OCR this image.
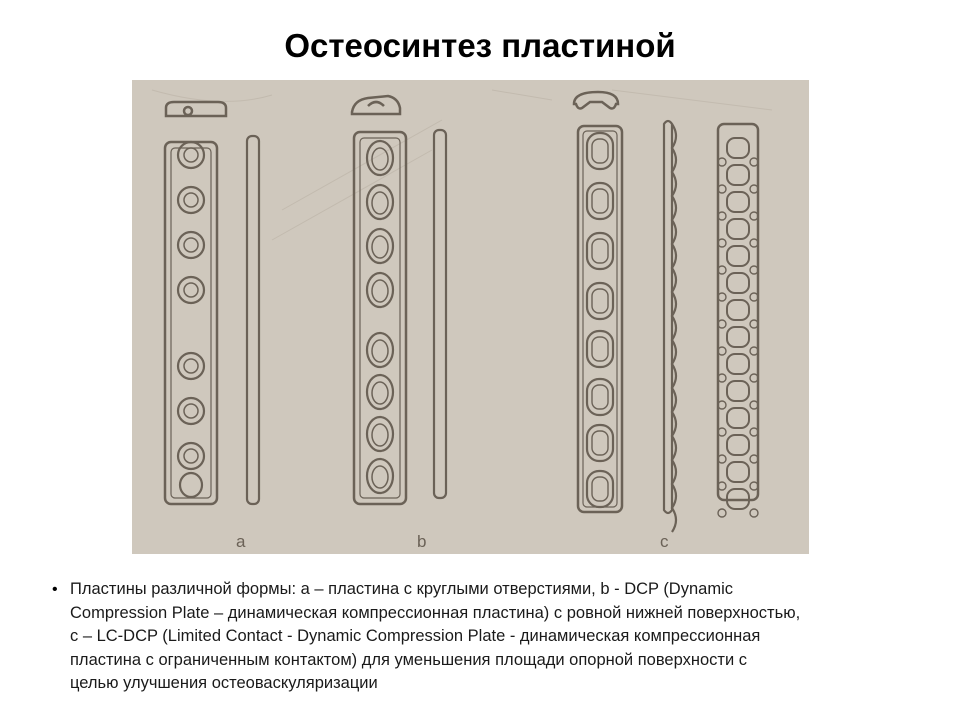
Остеосинтез пластиной
a	b	c
• Пластины различной формы: а – пластина с круглыми отверстиями, b - DCP (Dynamic
Compression Plate – динамическая компрессионная пластина) с ровной нижней поверхностью,
с – LC-DCP (Limited Contact - Dynamic Compression Plate - динамическая компрессионная
пластина с ограниченным контактом) для уменьшения площади опорной поверхности с
целью улучшения остеоваскуляризации
